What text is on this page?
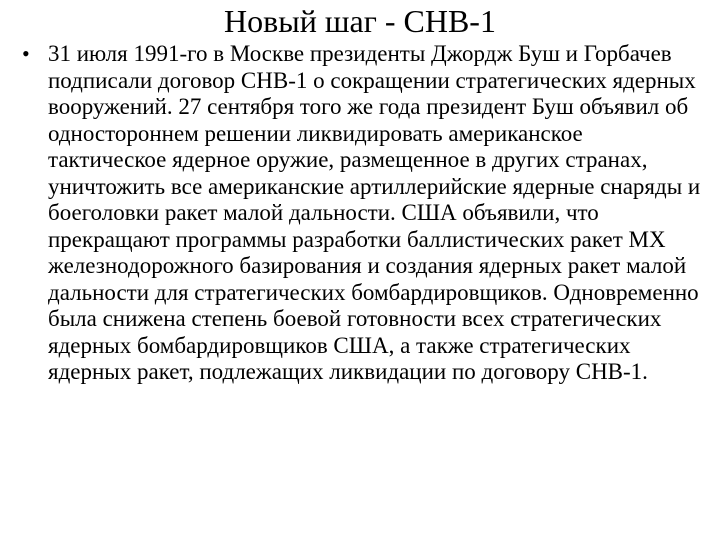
Новый шаг - СНВ-1
• 31 июля 1991-го в Москве президенты Джордж Буш и Горбачев подписали договор СНВ-1 о сокращении стратегических ядерных вооружений. 27 сентября того же года президент Буш объявил об одностороннем решении ликвидировать американское тактическое ядерное оружие, размещенное в других странах, уничтожить все американские артиллерийские ядерные снаряды и боеголовки ракет малой дальности. США объявили, что прекращают программы разработки баллистических ракет МХ железнодорожного базирования и создания ядерных ракет малой дальности для стратегических бомбардировщиков. Одновременно была снижена степень боевой готовности всех стратегических ядерных бомбардировщиков США, а также стратегических ядерных ракет, подлежащих ликвидации по договору СНВ-1.
